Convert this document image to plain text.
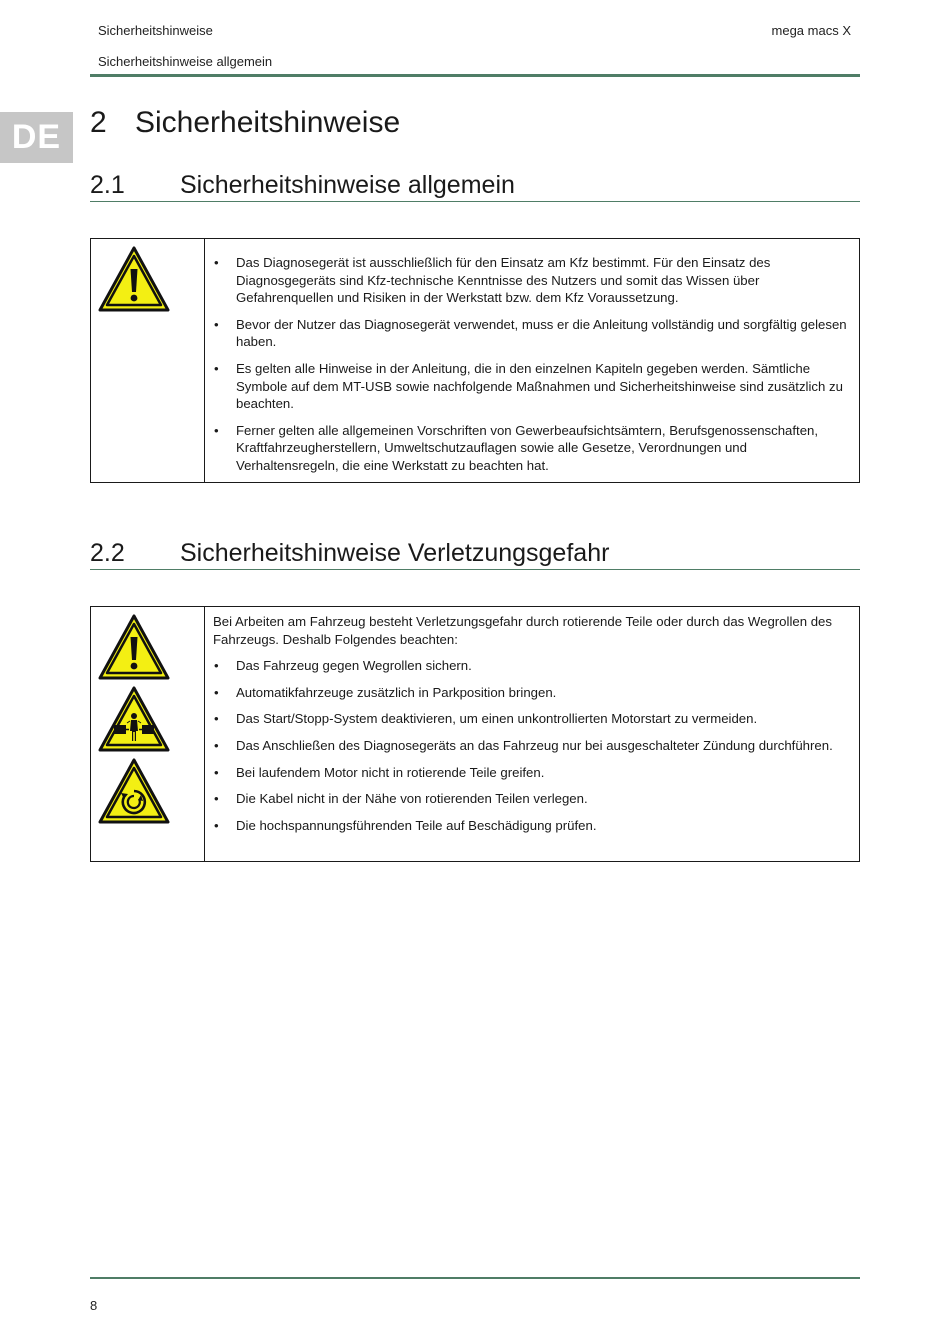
Sicherheitshinweise
Sicherheitshinweise allgemein
mega macs X
DE 2 Sicherheitshinweise
2.1 Sicherheitshinweise allgemein
• Das Diagnosegerät ist ausschließlich für den Einsatz am Kfz bestimmt. Für den Einsatz des Diagnosgegeräts sind Kfz-technische Kenntnisse des Nutzers und somit das Wissen über Gefahrenquellen und Risiken in der Werkstatt bzw. dem Kfz Voraussetzung.
• Bevor der Nutzer das Diagnosegerät verwendet, muss er die Anleitung vollständig und sorgfältig gelesen haben.
• Es gelten alle Hinweise in der Anleitung, die in den einzelnen Kapiteln gegeben werden. Sämtliche Symbole auf dem MT-USB sowie nachfolgende Maßnahmen und Sicherheitshinweise sind zusätzlich zu beachten.
• Ferner gelten alle allgemeinen Vorschriften von Gewerbeaufsichtsämtern, Berufsgenossenschaften, Kraftfahrzeugherstellern, Umweltschutzauflagen sowie alle Gesetze, Verordnungen und Verhaltensregeln, die eine Werkstatt zu beachten hat.
2.2 Sicherheitshinweise Verletzungsgefahr

Bei Arbeiten am Fahrzeug besteht Verletzungsgefahr durch rotierende Teile oder durch das Wegrollen des Fahrzeugs. Deshalb Folgendes beachten:

• Das Fahrzeug gegen Wegrollen sichern.
• Automatikfahrzeuge zusätzlich in Parkposition bringen.
• Das Start/Stopp-System deaktivieren, um einen unkontrollierten Motorstart zu vermeiden.
• Das Anschließen des Diagnosegeräts an das Fahrzeug nur bei ausgeschalteter Zündung durchführen.
• Bei laufendem Motor nicht in rotierende Teile greifen.
• Die Kabel nicht in der Nähe von rotierenden Teilen verlegen.
• Die hochspannungsführenden Teile auf Beschädigung prüfen.
8
